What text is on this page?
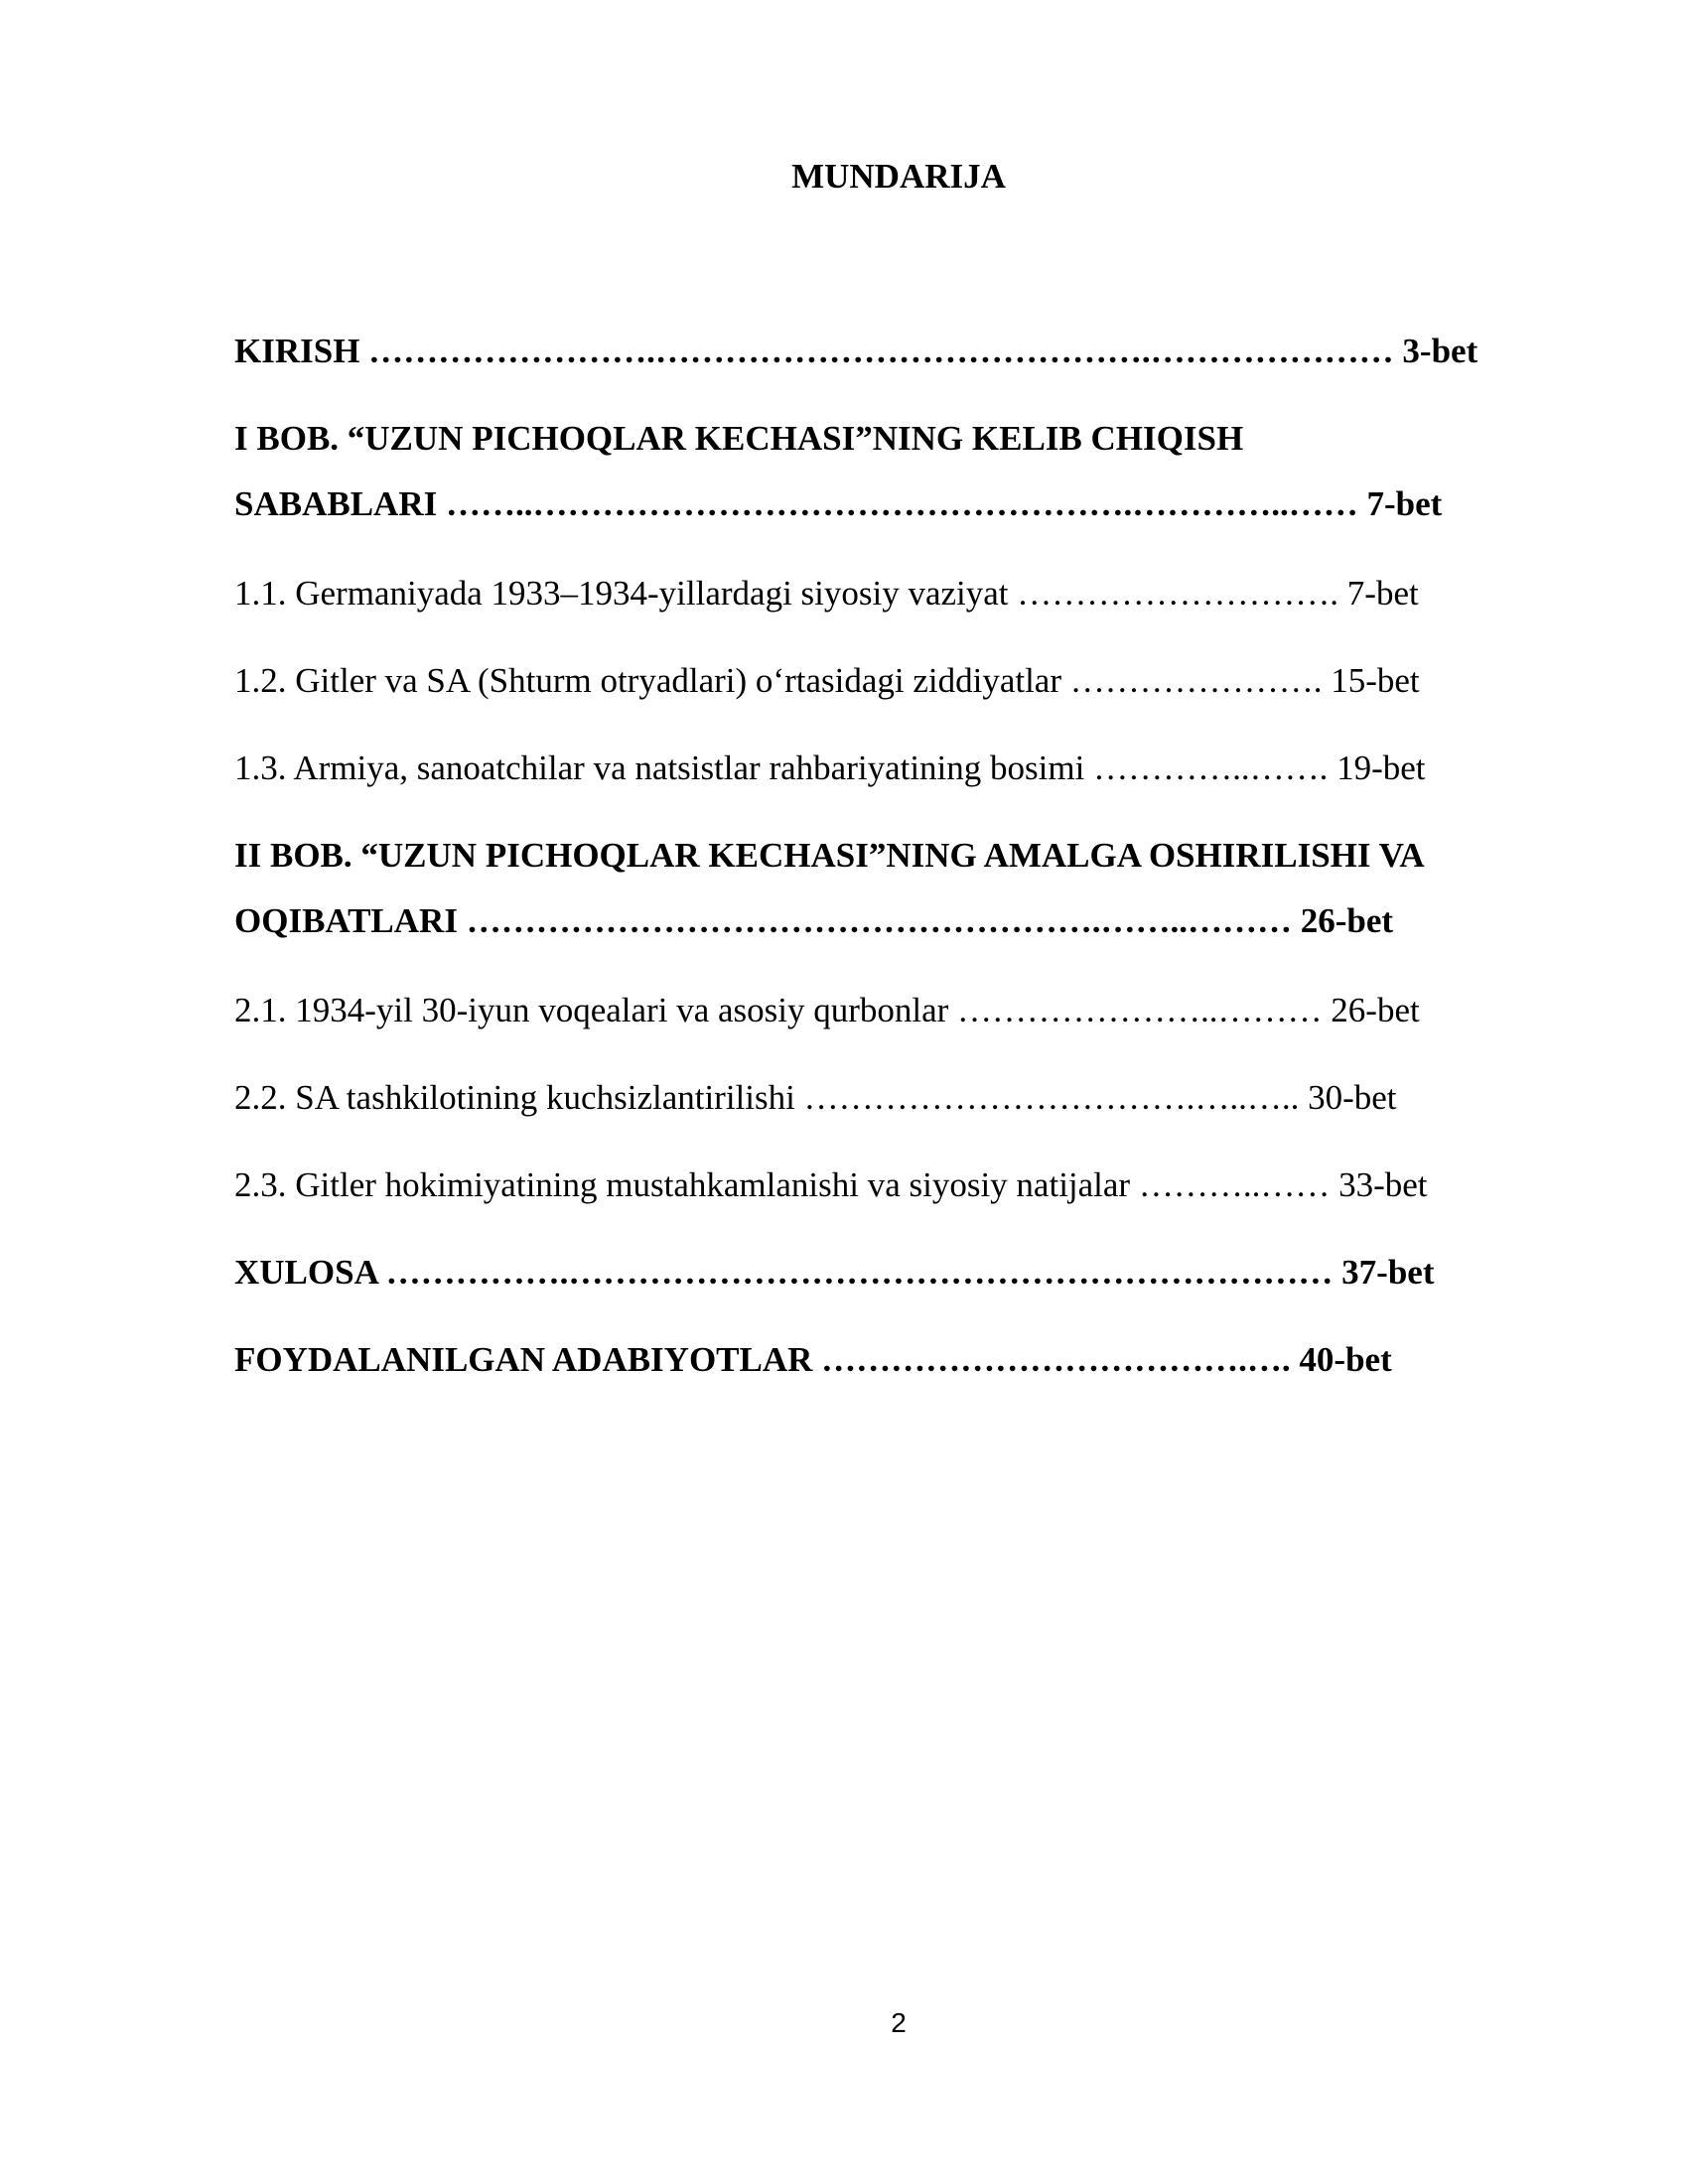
MUNDARIJA
KIRISH …………………….…………………………………….………………… 3-bet
I BOB. “UZUN PICHOQLAR KECHASI”NING KELIB CHIQISH
SABABLARI ……..…………………………………………….…………..…… 7-bet
1.1. Germaniyada 1933–1934-yillardagi siyosiy vaziyat ………………………. 7-bet
1.2. Gitler va SA (Shturm otryadlari) o‘rtasidagi ziddiyatlar …………………. 15-bet
1.3. Armiya, sanoatchilar va natsistlar rahbariyatining bosimi …………..……. 19-bet
II BOB. “UZUN PICHOQLAR KECHASI”NING AMALGA OSHIRILISHI VA
OQIBATLARI ……………………………………………….……..……… 26-bet
2.1. 1934-yil 30-iyun voqealari va asosiy qurbonlar …………………..……… 26-bet
2.2. SA tashkilotining kuchsizlantirilishi …………………………….…..….. 30-bet
2.3. Gitler hokimiyatining mustahkamlanishi va siyosiy natijalar ………..…… 33-bet
XULOSA …………….………………………………………………………… 37-bet
FOYDALANILGAN ADABIYOTLAR ……………………………….…. 40-bet
2
